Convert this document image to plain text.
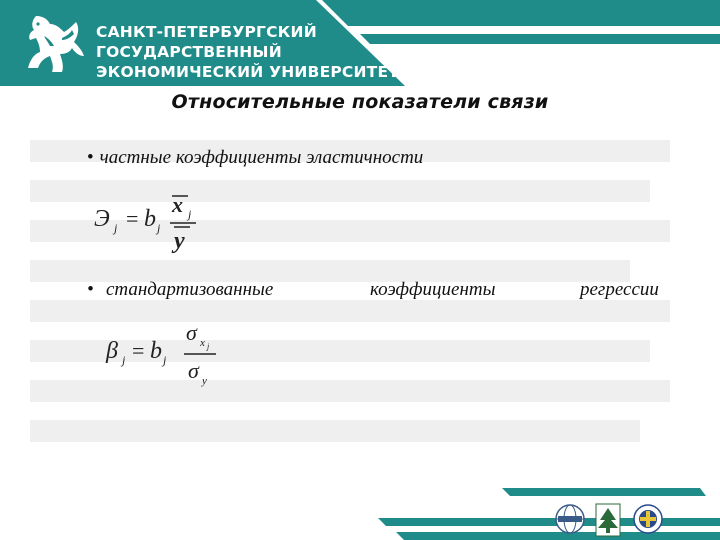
САНКТ-ПЕТЕРБУРГСКИЙ
ГОСУДАРСТВЕННЫЙ
ЭКОНОМИЧЕСКИЙ УНИВЕРСИТЕТ
Относительные показатели связи
• частные коэффициенты эластичности
Э j = b j
x j
y
• стандартизованные	коэффициенты	регрессии
β j = b j
σ x j
σ y
